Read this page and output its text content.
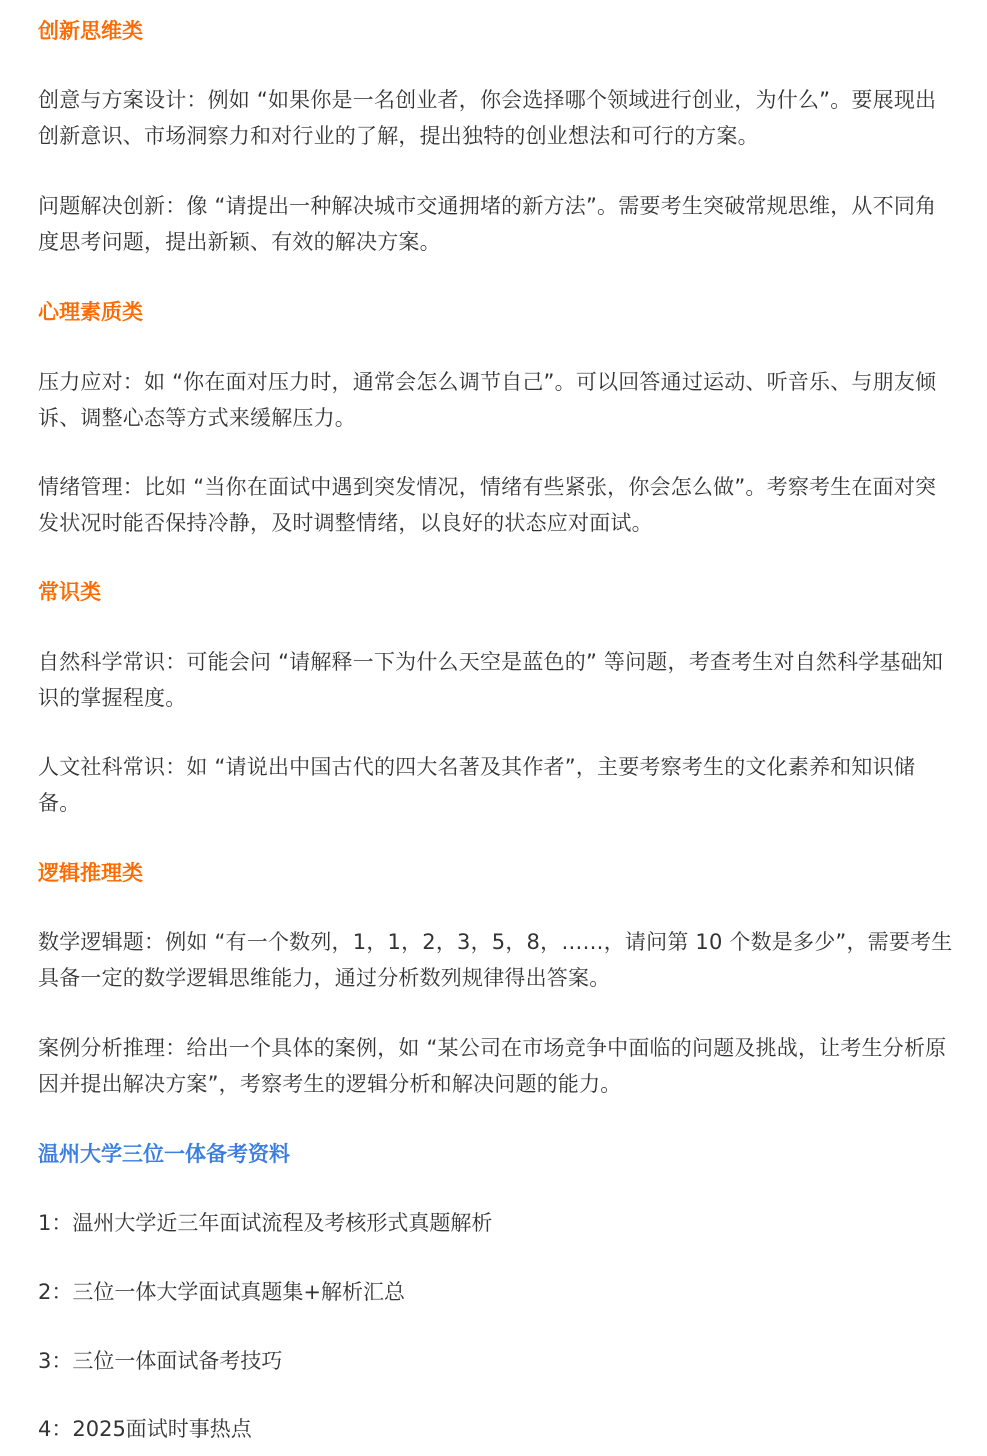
创新思维类
创意与方案设计：例如 “如果你是一名创业者，你会选择哪个领域进行创业，为什么”。要展现出创新意识、市场洞察力和对行业的了解，提出独特的创业想法和可行的方案。
问题解决创新：像 “请提出一种解决城市交通拥堵的新方法”。需要考生突破常规思维，从不同角度思考问题，提出新颖、有效的解决方案。
心理素质类
压力应对：如 “你在面对压力时，通常会怎么调节自己”。可以回答通过运动、听音乐、与朋友倾诉、调整心态等方式来缓解压力。
情绪管理：比如 “当你在面试中遇到突发情况，情绪有些紧张，你会怎么做”。考察考生在面对突发状况时能否保持冷静，及时调整情绪，以良好的状态应对面试。
常识类
自然科学常识：可能会问 “请解释一下为什么天空是蓝色的” 等问题，考查考生对自然科学基础知识的掌握程度。
人文社科常识：如 “请说出中国古代的四大名著及其作者”，主要考察考生的文化素养和知识储备。
逻辑推理类
数学逻辑题：例如 “有一个数列，1，1，2，3，5，8，……，请问第 10 个数是多少”，需要考生具备一定的数学逻辑思维能力，通过分析数列规律得出答案。
案例分析推理：给出一个具体的案例，如 “某公司在市场竞争中面临的问题及挑战，让考生分析原因并提出解决方案”，考察考生的逻辑分析和解决问题的能力。
温州大学三位一体备考资料
1：温州大学近三年面试流程及考核形式真题解析
2：三位一体大学面试真题集+解析汇总
3：三位一体面试备考技巧
4：2025面试时事热点
